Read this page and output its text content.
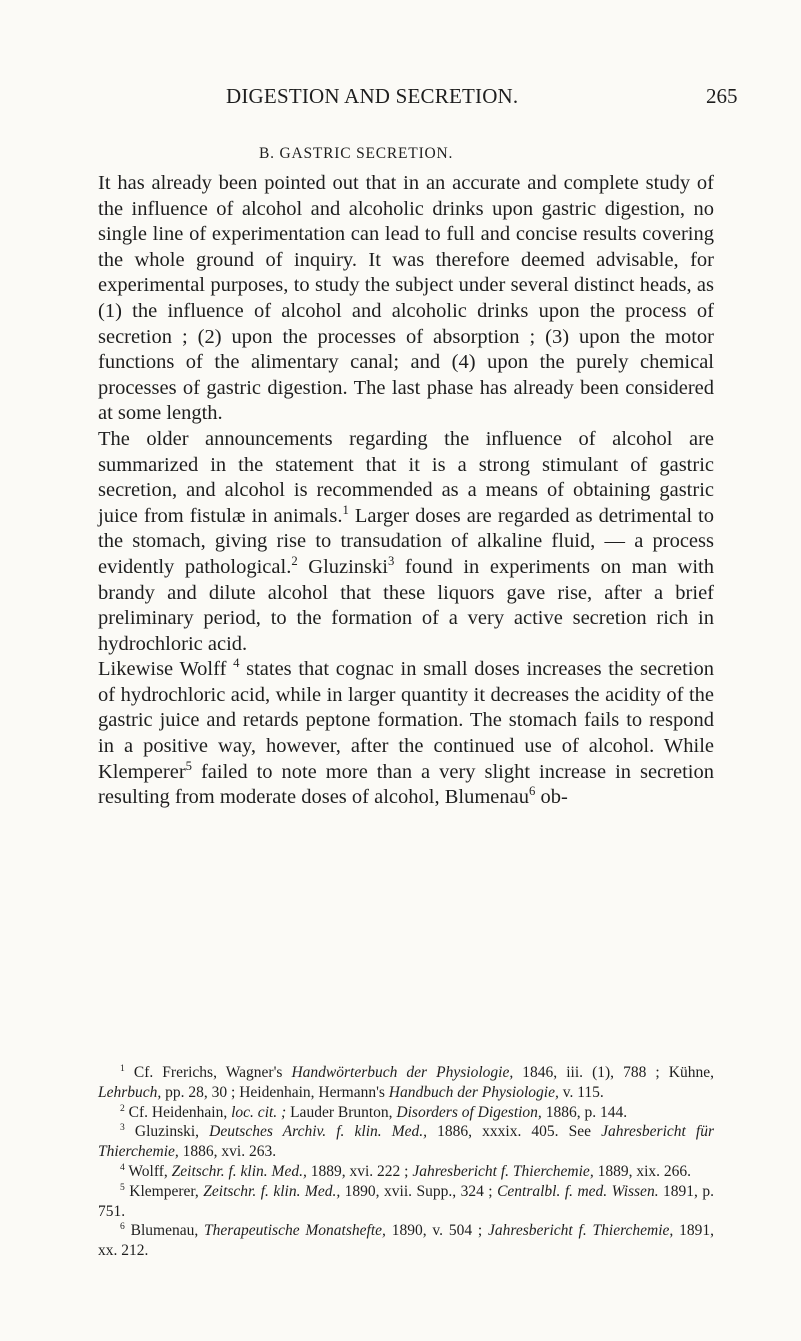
DIGESTION AND SECRETION.	265
B. GASTRIC SECRETION.

It has already been pointed out that in an accurate and complete study of the influence of alcohol and alcoholic drinks upon gastric digestion, no single line of experimentation can lead to full and concise results covering the whole ground of inquiry. It was therefore deemed advisable, for experimental purposes, to study the subject under several distinct heads, as (1) the influence of alcohol and alcoholic drinks upon the process of secretion ; (2) upon the processes of absorption ; (3) upon the motor functions of the alimentary canal; and (4) upon the purely chemical processes of gastric digestion. The last phase has already been considered at some length.

The older announcements regarding the influence of alcohol are summarized in the statement that it is a strong stimulant of gastric secretion, and alcohol is recommended as a means of obtaining gastric juice from fistulæ in animals.$^1$ Larger doses are regarded as detrimental to the stomach, giving rise to transudation of alkaline fluid, — a process evidently pathological.$^2$ Gluzinski$^3$ found in experiments on man with brandy and dilute alcohol that these liquors gave rise, after a brief preliminary period, to the formation of a very active secretion rich in hydrochloric acid.

Likewise Wolff $^4$ states that cognac in small doses increases the secretion of hydrochloric acid, while in larger quantity it decreases the acidity of the gastric juice and retards peptone formation. The stomach fails to respond in a positive way, however, after the continued use of alcohol. While Klemperer$^5$ failed to note more than a very slight increase in secretion resulting from moderate doses of alcohol, Blumenau$^6$ ob-

$^1$ Cf. Frerichs, Wagner's Handwörterbuch der Physiologie, 1846, iii. (1), 788 ; Kühne, Lehrbuch, pp. 28, 30 ; Heidenhain, Hermann's Handbuch der Physiologie, v. 115.

$^2$ Cf. Heidenhain, loc. cit. ; Lauder Brunton, Disorders of Digestion, 1886, p. 144.

$^3$ Gluzinski, Deutsches Archiv. f. klin. Med., 1886, xxxix. 405. See Jahresbericht für Thierchemie, 1886, xvi. 263.

$^4$ Wolff, Zeitschr. f. klin. Med., 1889, xvi. 222 ; Jahresbericht f. Thierchemie, 1889, xix. 266.

$^5$ Klemperer, Zeitschr. f. klin. Med., 1890, xvii. Supp., 324 ; Centralbl. f. med. Wissen. 1891, p. 751.

$^6$ Blumenau, Therapeutische Monatshefte, 1890, v. 504 ; Jahresbericht f. Thierchemie, 1891, xx. 212.
